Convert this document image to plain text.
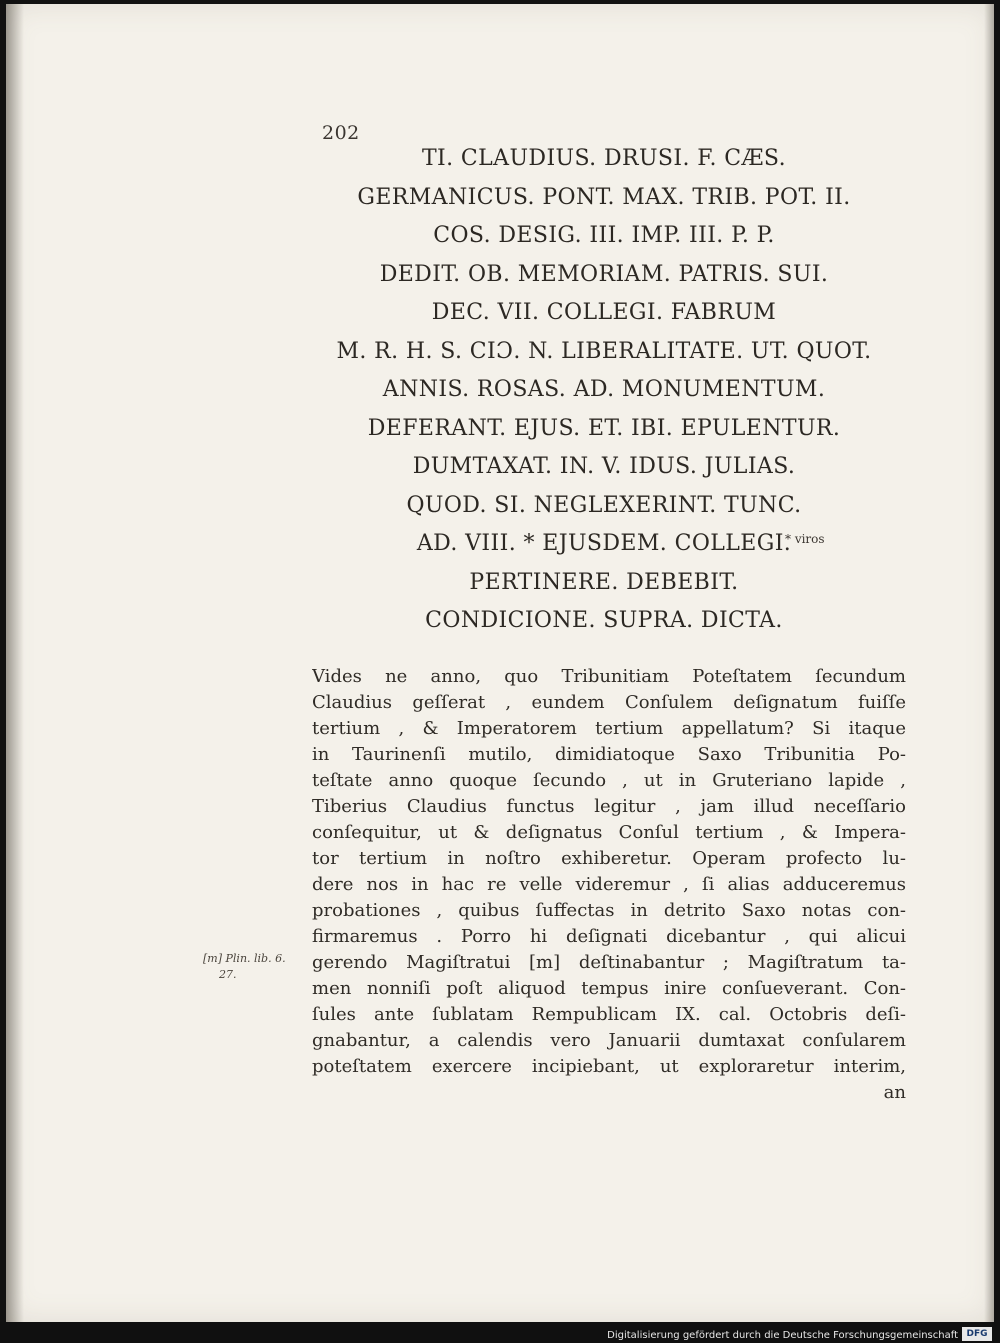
202
TI. CLAUDIUS. DRUSI. F. CÆS.
GERMANICUS. PONT. MAX. TRIB. POT. II.
COS. DESIG. III. IMP. III. P. P.
DEDIT. OB. MEMORIAM. PATRIS. SUI.
DEC. VII. COLLEGI. FABRUM
M. R. H. S. CIƆ. N. LIBERALITATE. UT. QUOT.
ANNIS. ROSAS. AD. MONUMENTUM.
DEFERANT. EJUS. ET. IBI. EPULENTUR.
DUMTAXAT. IN. V. IDUS. JULIAS.
QUOD. SI. NEGLEXERINT. TUNC.
AD. VIII. * EJUSDEM. COLLEGI.
PERTINERE. DEBEBIT.
CONDICIONE. SUPRA. DICTA.
* viros
Vides ne anno, quo Tribunitiam Poteſtatem ſecundum
Claudius geſſerat , eundem Conſulem deſignatum fuiſſe
tertium , & Imperatorem tertium appellatum? Si itaque
in Taurinenſi mutilo, dimidiatoque Saxo Tribunitia Po-
teſtate anno quoque ſecundo , ut in Gruteriano lapide ,
Tiberius Claudius functus legitur , jam illud neceſſario
conſequitur, ut & deſignatus Conſul tertium , & Impera-
tor tertium in noſtro exhiberetur. Operam profecto lu-
dere nos in hac re velle videremur , ſi alias adduceremus
probationes , quibus ſuffectas in detrito Saxo notas con-
firmaremus . Porro hi deſignati dicebantur , qui alicui
gerendo Magiſtratui [m] deſtinabantur ; Magiſtratum ta-
men nonniſi poſt aliquod tempus inire conſueverant. Con-
ſules ante ſublatam Rempublicam IX. cal. Octobris deſi-
gnabantur, a calendis vero Januarii dumtaxat conſularem
poteſtatem exercere incipiebant, ut exploraretur interim,
an
[m] Plin. lib. 6.
27.
Digitalisierung gefördert durch die Deutsche Forschungsgemeinschaft DFG
